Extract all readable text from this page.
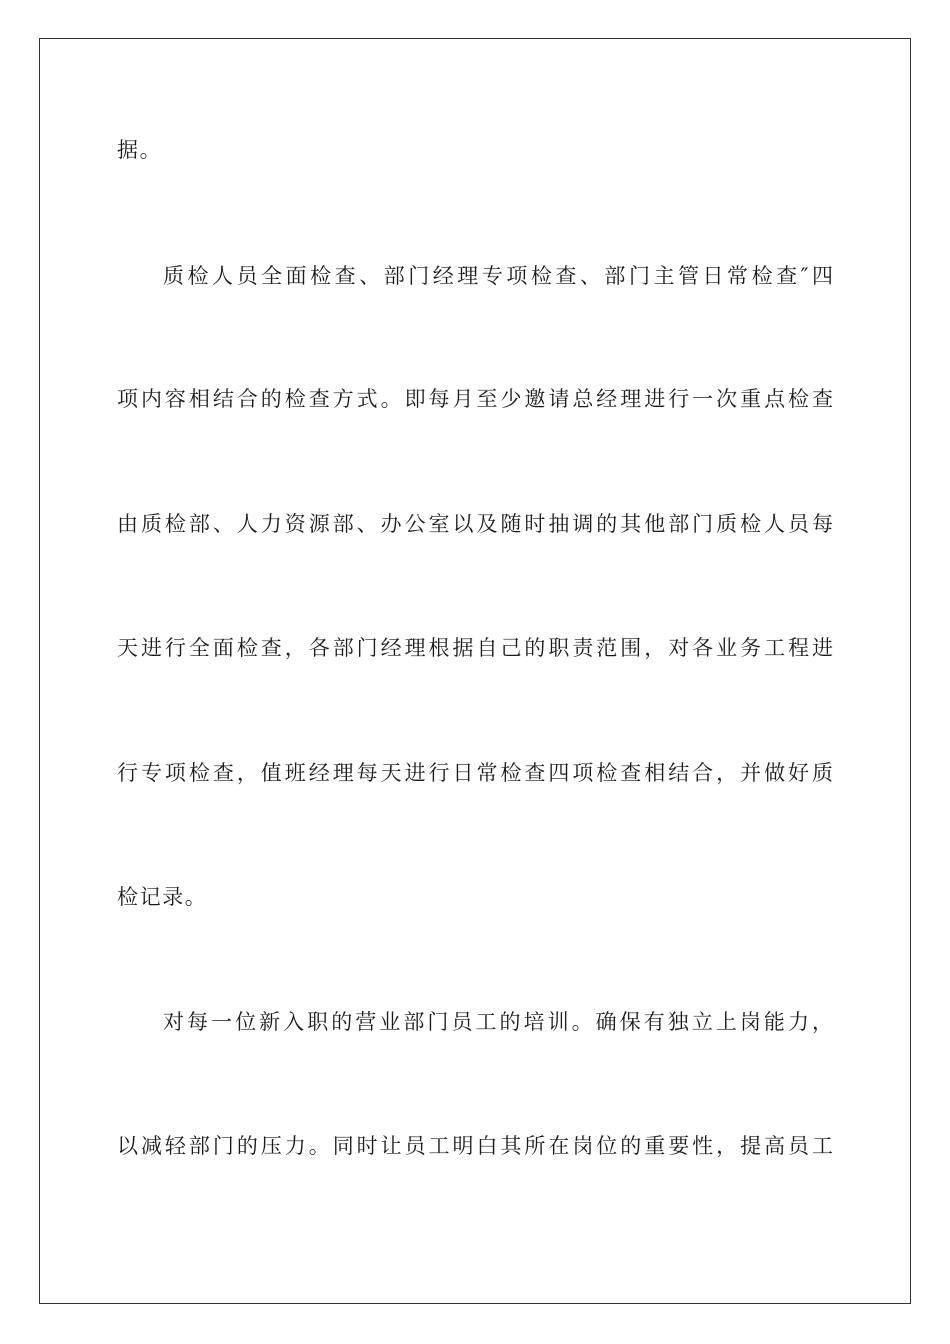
据。
质检人员全面检查、部门经理专项检查、部门主管日常检查″四
项内容相结合的检查方式。即每月至少邀请总经理进行一次重点检查
由质检部、人力资源部、办公室以及随时抽调的其他部门质检人员每
天进行全面检查，各部门经理根据自己的职责范围，对各业务工程进
行专项检查，值班经理每天进行日常检查四项检查相结合，并做好质
检记录。
对每一位新入职的营业部门员工的培训。确保有独立上岗能力，
以减轻部门的压力。同时让员工明白其所在岗位的重要性，提高员工
